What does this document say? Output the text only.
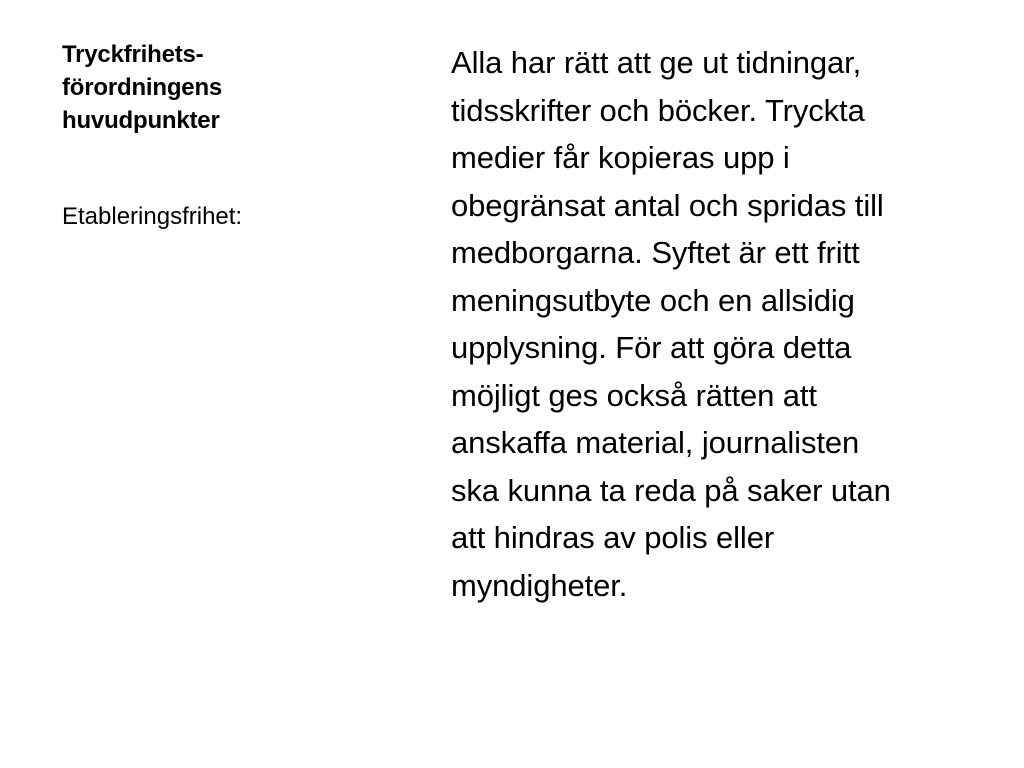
Tryckfrihets-
förordningens
huvudpunkter

Etableringsfrihet:

Alla har rätt att ge ut tidningar,
tidsskrifter och böcker. Tryckta
medier får kopieras upp i
obegränsat antal och spridas till
medborgarna. Syftet är ett fritt
meningsutbyte och en allsidig
upplysning. För att göra detta
möjligt ges också rätten att
anskaffa material, journalisten
ska kunna ta reda på saker utan
att hindras av polis eller
myndigheter.
